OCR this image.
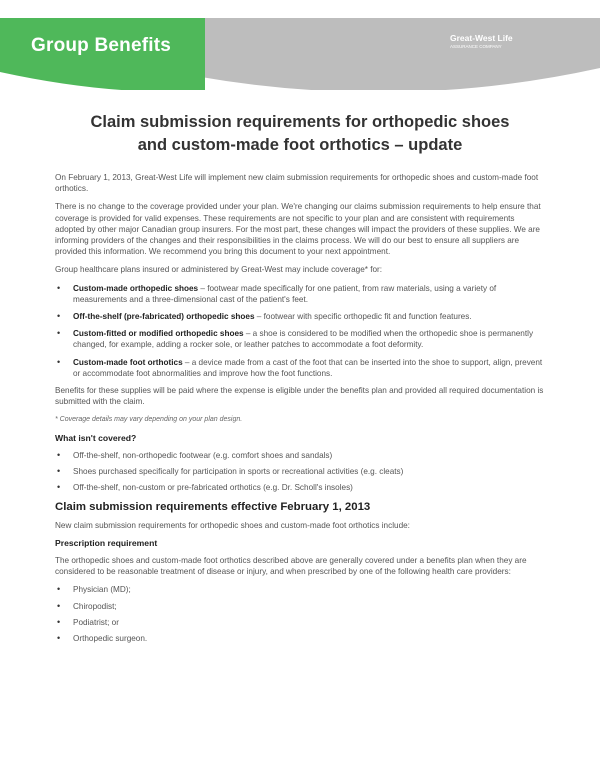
Group Benefits	Great-West Life
ASSURANCE COMPANY
Claim submission requirements for orthopedic shoes
and custom-made foot orthotics – update

On February 1, 2013, Great-West Life will implement new claim submission requirements for orthopedic shoes and custom-made foot orthotics.

There is no change to the coverage provided under your plan. We're changing our claims submission requirements to help ensure that coverage is provided for valid expenses. These requirements are not specific to your plan and are consistent with requirements adopted by other major Canadian group insurers. For the most part, these changes will impact the providers of these supplies. We are informing providers of the changes and their responsibilities in the claims process. We will do our best to ensure all suppliers are provided this information. We recommend you bring this document to your next appointment.

Group healthcare plans insured or administered by Great-West may include coverage* for:

• Custom-made orthopedic shoes – footwear made specifically for one patient, from raw materials, using a variety of measurements and a three-dimensional cast of the patient's feet.
• Off-the-shelf (pre-fabricated) orthopedic shoes – footwear with specific orthopedic fit and function features.
• Custom-fitted or modified orthopedic shoes – a shoe is considered to be modified when the orthopedic shoe is permanently changed, for example, adding a rocker sole, or leather patches to accommodate a foot deformity.
• Custom-made foot orthotics – a device made from a cast of the foot that can be inserted into the shoe to support, align, prevent or accommodate foot abnormalities and improve how the foot functions.

Benefits for these supplies will be paid where the expense is eligible under the benefits plan and provided all required documentation is submitted with the claim.

* Coverage details may vary depending on your plan design.
What isn't covered?
• Off-the-shelf, non-orthopedic footwear (e.g. comfort shoes and sandals)
• Shoes purchased specifically for participation in sports or recreational activities (e.g. cleats)
• Off-the-shelf, non-custom or pre-fabricated orthotics (e.g. Dr. Scholl's insoles)
Claim submission requirements effective February 1, 2013

New claim submission requirements for orthopedic shoes and custom-made foot orthotics include:

Prescription requirement

The orthopedic shoes and custom-made foot orthotics described above are generally covered under a benefits plan when they are considered to be reasonable treatment of disease or injury, and when prescribed by one of the following health care providers:

• Physician (MD);
• Chiropodist;
• Podiatrist; or
• Orthopedic surgeon.
